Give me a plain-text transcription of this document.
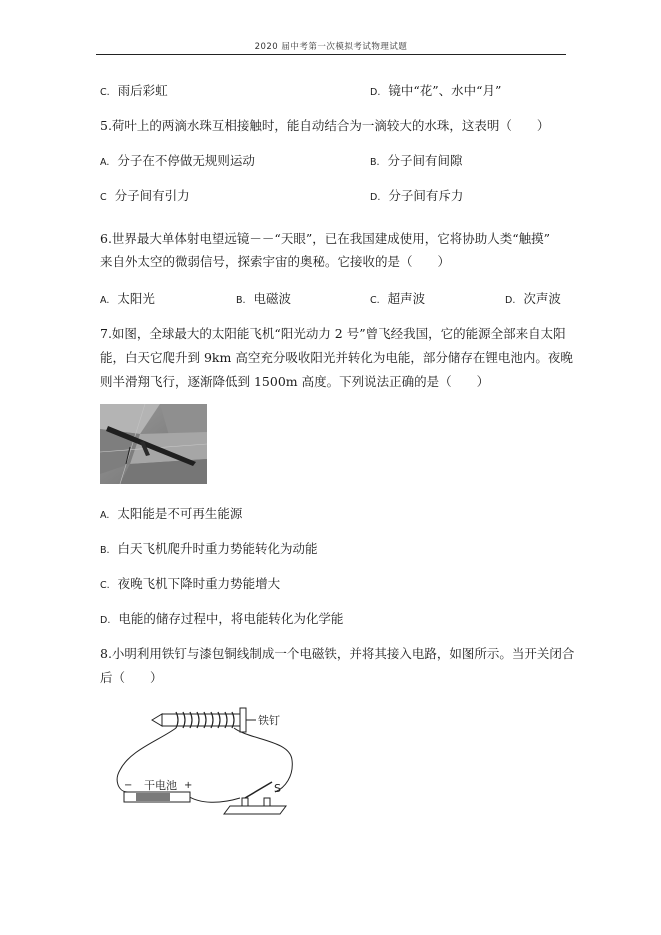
2020 届中考第一次模拟考试物理试题
C. 雨后彩虹	D. 镜中“花”、水中“月”
5.荷叶上的两滴水珠互相接触时，能自动结合为一滴较大的水珠，这表明（　　）
A. 分子在不停做无规则运动	B. 分子间有间隙
C 分子间有引力	D. 分子间有斥力
6.世界最大单体射电望远镜－－“天眼”，已在我国建成使用，它将协助人类“触摸”
来自外太空的微弱信号，探索宇宙的奥秘。它接收的是（　　）
A. 太阳光	B. 电磁波	C. 超声波	D. 次声波
7.如图，全球最大的太阳能飞机“阳光动力 2 号”曾飞经我国，它的能源全部来自太阳
能，白天它爬升到 9km 高空充分吸收阳光并转化为电能，部分储存在锂电池内。夜晚
则半滑翔飞行，逐渐降低到 1500m 高度。下列说法正确的是（　　）
A. 太阳能是不可再生能源
B. 白天飞机爬升时重力势能转化为动能
C. 夜晚飞机下降时重力势能增大
D. 电能的储存过程中，将电能转化为化学能
8.小明利用铁钉与漆包铜线制成一个电磁铁，并将其接入电路，如图所示。当开关闭合
后（　　）
铁钉
干电池
−	+	S
